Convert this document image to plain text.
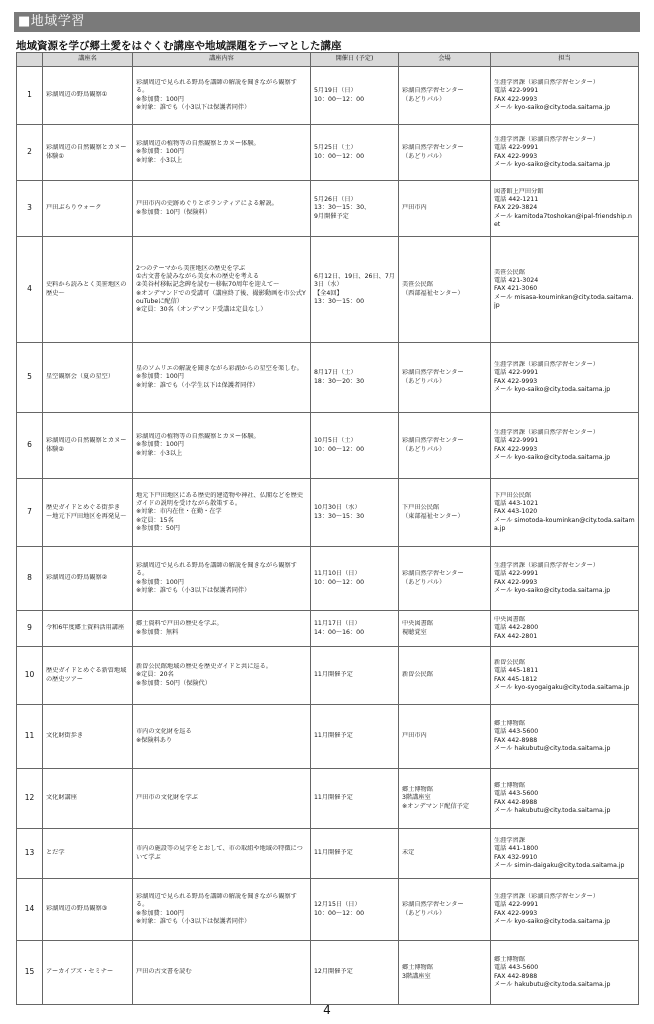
■地域学習
地域資源を学び郷土愛をはぐくむ講座や地域課題をテーマとした講座
	講座名	講座内容	開催日 (予定)	会場	担当

1	彩湖周辺の野鳥観察①	彩湖周辺で見られる野鳥を講師の解説を聞きながら観察する。
※参加費：100円
※対象：誰でも（小3以下は保護者同伴）	5月19日（日）
10：00～12：00	彩湖自然学習センター
（あどりパル）	生涯学習課（彩湖自然学習センター）
電話 422-9991
FAX 422-9993
メール kyo-saiko@city.toda.saitama.jp

2	彩湖周辺の自然観察とカヌー体験①	彩湖周辺の植物等の自然観察とカヌー体験。
※参加費：100円
※対象：小3以上	5月25日（土）
10：00～12：00	彩湖自然学習センター
（あどりパル）	生涯学習課（彩湖自然学習センター）
電話 422-9991
FAX 422-9993
メール kyo-saiko@city.toda.saitama.jp

3	戸田ぶらりウォーク	戸田市内の史跡めぐりとボランティアによる解説。
※参加費：10円（保険料）	5月26日（日）
13：30～15：30、
9月開催予定	戸田市内	図書館上戸田分館
電話 442-1211
FAX 229-3824
メール kamitoda7toshokan@ipal-friendship.net

4	史料から読みとく美笹地区の歴史～	2つのテーマから美笹地区の歴史を学ぶ
①古文書を読みながら美女木の歴史を考える
②美谷村移転記念碑を読む～移転70周年を迎えて～
※オンデマンドでの受講可（講座終了後、撮影動画を市公式YouTubeに配信）
※定員：30名（オンデマンド受講は定員なし）	6月12日、19日、26日、7月3日（水）
【全4回】
13：30～15：00	美笹公民館
（西部福祉センター）	美笹公民館
電話 421-3024
FAX 421-3060
メール misasa-kouminkan@city.toda.saitama.jp

5	星空観察会（夏の星空）	星のソムリエの解説を聞きながら彩湖からの星空を楽しむ。
※参加費：100円
※対象：誰でも（小学生以下は保護者同伴）	8月17日（土）
18：30～20：30	彩湖自然学習センター
（あどりパル）	生涯学習課（彩湖自然学習センター）
電話 422-9991
FAX 422-9993
メール kyo-saiko@city.toda.saitama.jp

6	彩湖周辺の自然観察とカヌー体験②	彩湖周辺の植物等の自然観察とカヌー体験。
※参加費：100円
※対象：小3以上	10月5日（土）
10：00～12：00	彩湖自然学習センター
（あどりパル）	生涯学習課（彩湖自然学習センター）
電話 422-9991
FAX 422-9993
メール kyo-saiko@city.toda.saitama.jp

7	歴史ガイドとめぐる街歩き
～地元下戸田地区を再発見～	地元下戸田地区にある歴史的建造物や神社、仏閣などを歴史ガイドの説明を受けながら散策する。
※対象：市内在住・在勤・在学
※定員：15名
※参加費：50円	10月30日（水）
13：30～15：30	下戸田公民館
（東部福祉センター）	下戸田公民館
電話 443-1021
FAX 443-1020
メール simotoda-kouminkan@city.toda.saitama.jp

8	彩湖周辺の野鳥観察②	彩湖周辺で見られる野鳥を講師の解説を聞きながら観察する。
※参加費：100円
※対象：誰でも（小3以下は保護者同伴）	11月10日（日）
10：00～12：00	彩湖自然学習センター
（あどりパル）	生涯学習課（彩湖自然学習センター）
電話 422-9991
FAX 422-9993
メール kyo-saiko@city.toda.saitama.jp

9	令和6年度郷土資料活用講座	郷土資料で戸田の歴史を学ぶ。
※参加費：無料	11月17日（日）
14：00～16：00	中央図書館
視聴覚室	中央図書館
電話 442-2800
FAX 442-2801

10	歴史ガイドとめぐる新曽地域の歴史ツアー	新曽公民館地域の歴史を歴史ガイドと共に巡る。
※定員：20名
※参加費：50円（保険代）	11月開催予定	新曽公民館	新曽公民館
電話 445-1811
FAX 445-1812
メール kyo-syogaigaku@city.toda.saitama.jp

11	文化財街歩き	市内の文化財を巡る
※保険料あり	11月開催予定	戸田市内	郷土博物館
電話 443-5600
FAX 442-8988
メール hakubutu@city.toda.saitama.jp

12	文化財講座	戸田市の文化財を学ぶ	11月開催予定	郷土博物館
3階講座室
※オンデマンド配信予定	郷土博物館
電話 443-5600
FAX 442-8988
メール hakubutu@city.toda.saitama.jp

13	とだ学	市内の施設等の見学をとおして、市の取組や地域の特徴について学ぶ	11月開催予定	未定	生涯学習課
電話 441-1800
FAX 432-9910
メール simin-daigaku@city.toda.saitama.jp

14	彩湖周辺の野鳥観察③	彩湖周辺で見られる野鳥を講師の解説を聞きながら観察する。
※参加費：100円
※対象：誰でも（小3以下は保護者同伴）	12月15日（日）
10：00～12：00	彩湖自然学習センター
（あどりパル）	生涯学習課（彩湖自然学習センター）
電話 422-9991
FAX 422-9993
メール kyo-saiko@city.toda.saitama.jp

15	アーカイブズ・セミナー	戸田の古文書を読む	12月開催予定	郷土博物館
3階講座室	郷土博物館
電話 443-5600
FAX 442-8988
メール hakubutu@city.toda.saitama.jp
4
